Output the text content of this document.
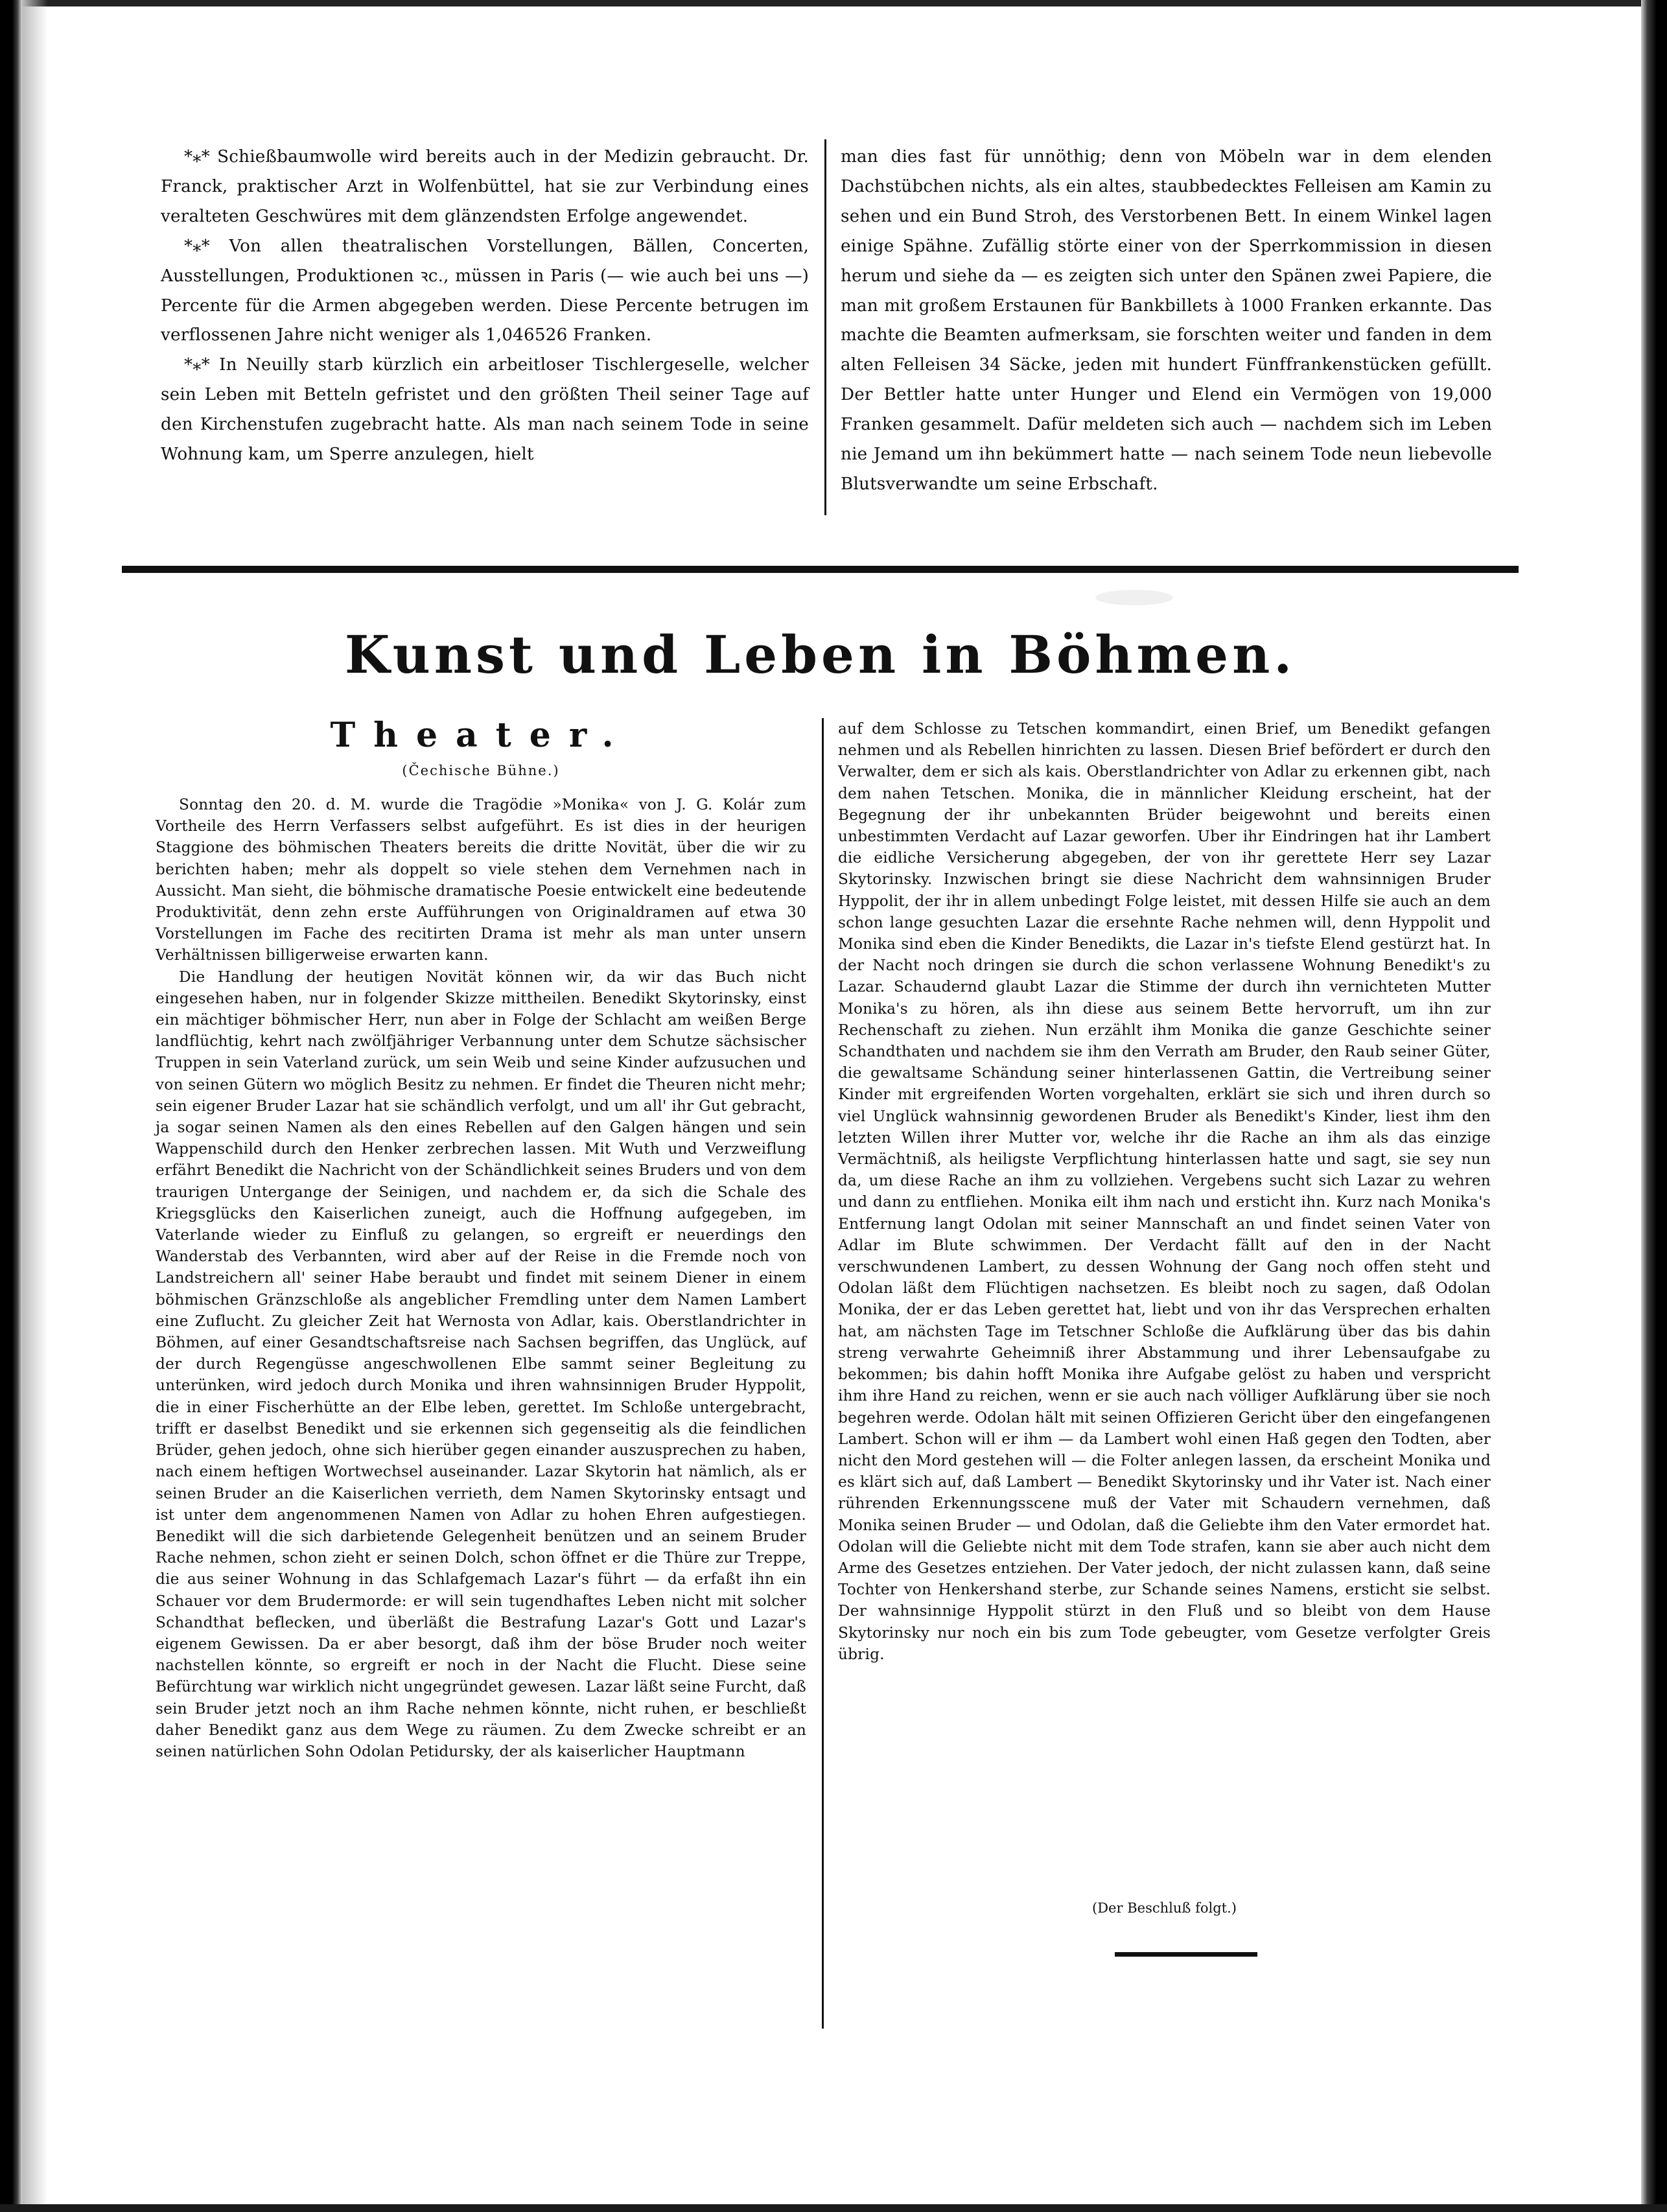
*⁎* Schießbaumwolle wird bereits auch in der Medizin gebraucht. Dr. Franck, praktischer Arzt in Wolfenbüttel, hat sie zur Verbindung eines veralteten Geschwüres mit dem glänzendsten Erfolge angewendet.

*⁎* Von allen theatralischen Vorstellungen, Bällen, Concerten, Ausstellungen, Produktionen ꝛc., müssen in Paris (— wie auch bei uns —) Percente für die Armen abgegeben werden. Diese Percente betrugen im verflossenen Jahre nicht weniger als 1,046526 Franken.

*⁎* In Neuilly starb kürzlich ein arbeitloser Tischlergeselle, welcher sein Leben mit Betteln gefristet und den größten Theil seiner Tage auf den Kirchenstufen zugebracht hatte. Als man nach seinem Tode in seine Wohnung kam, um Sperre anzulegen, hielt

man dies fast für unnöthig; denn von Möbeln war in dem elenden Dachstübchen nichts, als ein altes, staubbedecktes Felleisen am Kamin zu sehen und ein Bund Stroh, des Verstorbenen Bett. In einem Winkel lagen einige Spähne. Zufällig störte einer von der Sperrkommission in diesen herum und siehe da — es zeigten sich unter den Spänen zwei Papiere, die man mit großem Erstaunen für Bankbillets à 1000 Franken erkannte. Das machte die Beamten aufmerksam, sie forschten weiter und fanden in dem alten Felleisen 34 Säcke, jeden mit hundert Fünffrankenstücken gefüllt. Der Bettler hatte unter Hunger und Elend ein Vermögen von 19,000 Franken gesammelt. Dafür meldeten sich auch — nachdem sich im Leben nie Jemand um ihn bekümmert hatte — nach seinem Tode neun liebevolle Blutsverwandte um seine Erbschaft.

Kunst und Leben in Böhmen.
Theater.
(Čechische Bühne.)

Sonntag den 20. d. M. wurde die Tragödie »Monika« von J. G. Kolár zum Vortheile des Herrn Verfassers selbst aufgeführt. Es ist dies in der heurigen Staggione des böhmischen Theaters bereits die dritte Novität, über die wir zu berichten haben; mehr als doppelt so viele stehen dem Vernehmen nach in Aussicht. Man sieht, die böhmische dramatische Poesie entwickelt eine bedeutende Produktivität, denn zehn erste Aufführungen von Originaldramen auf etwa 30 Vorstellungen im Fache des recitirten Drama ist mehr als man unter unsern Verhältnissen billigerweise erwarten kann.

Die Handlung der heutigen Novität können wir, da wir das Buch nicht eingesehen haben, nur in folgender Skizze mittheilen. Benedikt Skytorinsky, einst ein mächtiger böhmischer Herr, nun aber in Folge der Schlacht am weißen Berge landflüchtig, kehrt nach zwölfjähriger Verbannung unter dem Schutze sächsischer Truppen in sein Vaterland zurück, um sein Weib und seine Kinder aufzusuchen und von seinen Gütern wo möglich Besitz zu nehmen. Er findet die Theuren nicht mehr; sein eigener Bruder Lazar hat sie schändlich verfolgt, und um all' ihr Gut gebracht, ja sogar seinen Namen als den eines Rebellen auf den Galgen hängen und sein Wappenschild durch den Henker zerbrechen lassen. Mit Wuth und Verzweiflung erfährt Benedikt die Nachricht von der Schändlichkeit seines Bruders und von dem traurigen Untergange der Seinigen, und nachdem er, da sich die Schale des Kriegsglücks den Kaiserlichen zuneigt, auch die Hoffnung aufgegeben, im Vaterlande wieder zu Einfluß zu gelangen, so ergreift er neuerdings den Wanderstab des Verbannten, wird aber auf der Reise in die Fremde noch von Landstreichern all' seiner Habe beraubt und findet mit seinem Diener in einem böhmischen Gränzschloße als angeblicher Fremdling unter dem Namen Lambert eine Zuflucht. Zu gleicher Zeit hat Wernosta von Adlar, kais. Oberstlandrichter in Böhmen, auf einer Gesandtschaftsreise nach Sachsen begriffen, das Unglück, auf der durch Regengüsse angeschwollenen Elbe sammt seiner Begleitung zu unterünken, wird jedoch durch Monika und ihren wahnsinnigen Bruder Hyppolit, die in einer Fischerhütte an der Elbe leben, gerettet. Im Schloße untergebracht, trifft er daselbst Benedikt und sie erkennen sich gegenseitig als die feindlichen Brüder, gehen jedoch, ohne sich hierüber gegen einander auszusprechen zu haben, nach einem heftigen Wortwechsel auseinander. Lazar Skytorin hat nämlich, als er seinen Bruder an die Kaiserlichen verrieth, dem Namen Skytorinsky entsagt und ist unter dem angenommenen Namen von Adlar zu hohen Ehren aufgestiegen. Benedikt will die sich darbietende Gelegenheit benützen und an seinem Bruder Rache nehmen, schon zieht er seinen Dolch, schon öffnet er die Thüre zur Treppe, die aus seiner Wohnung in das Schlafgemach Lazar's führt — da erfaßt ihn ein Schauer vor dem Brudermorde: er will sein tugendhaftes Leben nicht mit solcher Schandthat beflecken, und überläßt die Bestrafung Lazar's Gott und Lazar's eigenem Gewissen. Da er aber besorgt, daß ihm der böse Bruder noch weiter nachstellen könnte, so ergreift er noch in der Nacht die Flucht. Diese seine Befürchtung war wirklich nicht ungegründet gewesen. Lazar läßt seine Furcht, daß sein Bruder jetzt noch an ihm Rache nehmen könnte, nicht ruhen, er beschließt daher Benedikt ganz aus dem Wege zu räumen. Zu dem Zwecke schreibt er an seinen natürlichen Sohn Odolan Petidursky, der als kaiserlicher Hauptmann

auf dem Schlosse zu Tetschen kommandirt, einen Brief, um Benedikt gefangen nehmen und als Rebellen hinrichten zu lassen. Diesen Brief befördert er durch den Verwalter, dem er sich als kais. Oberstlandrichter von Adlar zu erkennen gibt, nach dem nahen Tetschen. Monika, die in männlicher Kleidung erscheint, hat der Begegnung der ihr unbekannten Brüder beigewohnt und bereits einen unbestimmten Verdacht auf Lazar geworfen. Uber ihr Eindringen hat ihr Lambert die eidliche Versicherung abgegeben, der von ihr gerettete Herr sey Lazar Skytorinsky. Inzwischen bringt sie diese Nachricht dem wahnsinnigen Bruder Hyppolit, der ihr in allem unbedingt Folge leistet, mit dessen Hilfe sie auch an dem schon lange gesuchten Lazar die ersehnte Rache nehmen will, denn Hyppolit und Monika sind eben die Kinder Benedikts, die Lazar in's tiefste Elend gestürzt hat. In der Nacht noch dringen sie durch die schon verlassene Wohnung Benedikt's zu Lazar. Schaudernd glaubt Lazar die Stimme der durch ihn vernichteten Mutter Monika's zu hören, als ihn diese aus seinem Bette hervorruft, um ihn zur Rechenschaft zu ziehen. Nun erzählt ihm Monika die ganze Geschichte seiner Schandthaten und nachdem sie ihm den Verrath am Bruder, den Raub seiner Güter, die gewaltsame Schändung seiner hinterlassenen Gattin, die Vertreibung seiner Kinder mit ergreifenden Worten vorgehalten, erklärt sie sich und ihren durch so viel Unglück wahnsinnig gewordenen Bruder als Benedikt's Kinder, liest ihm den letzten Willen ihrer Mutter vor, welche ihr die Rache an ihm als das einzige Vermächtniß, als heiligste Verpflichtung hinterlassen hatte und sagt, sie sey nun da, um diese Rache an ihm zu vollziehen. Vergebens sucht sich Lazar zu wehren und dann zu entfliehen. Monika eilt ihm nach und ersticht ihn. Kurz nach Monika's Entfernung langt Odolan mit seiner Mannschaft an und findet seinen Vater von Adlar im Blute schwimmen. Der Verdacht fällt auf den in der Nacht verschwundenen Lambert, zu dessen Wohnung der Gang noch offen steht und Odolan läßt dem Flüchtigen nachsetzen. Es bleibt noch zu sagen, daß Odolan Monika, der er das Leben gerettet hat, liebt und von ihr das Versprechen erhalten hat, am nächsten Tage im Tetschner Schloße die Aufklärung über das bis dahin streng verwahrte Geheimniß ihrer Abstammung und ihrer Lebensaufgabe zu bekommen; bis dahin hofft Monika ihre Aufgabe gelöst zu haben und verspricht ihm ihre Hand zu reichen, wenn er sie auch nach völliger Aufklärung über sie noch begehren werde. Odolan hält mit seinen Offizieren Gericht über den eingefangenen Lambert. Schon will er ihm — da Lambert wohl einen Haß gegen den Todten, aber nicht den Mord gestehen will — die Folter anlegen lassen, da erscheint Monika und es klärt sich auf, daß Lambert — Benedikt Skytorinsky und ihr Vater ist. Nach einer rührenden Erkennungsscene muß der Vater mit Schaudern vernehmen, daß Monika seinen Bruder — und Odolan, daß die Geliebte ihm den Vater ermordet hat. Odolan will die Geliebte nicht mit dem Tode strafen, kann sie aber auch nicht dem Arme des Gesetzes entziehen. Der Vater jedoch, der nicht zulassen kann, daß seine Tochter von Henkershand sterbe, zur Schande seines Namens, ersticht sie selbst. Der wahnsinnige Hyppolit stürzt in den Fluß und so bleibt von dem Hause Skytorinsky nur noch ein bis zum Tode gebeugter, vom Gesetze verfolgter Greis übrig.

(Der Beschluß folgt.)
